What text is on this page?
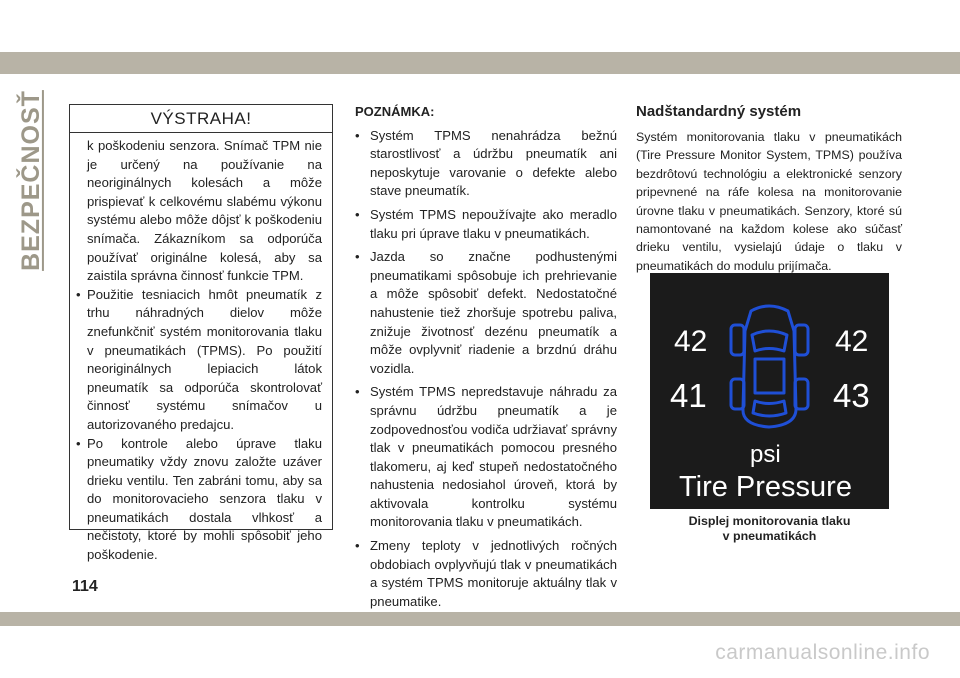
BEZPEČNOSŤ	VÝSTRAHA!

k poškodeniu senzora. Snímač TPM nie je určený na používanie na neoriginálnych kolesách a môže prispievať k celkovému slabému výkonu systému alebo môže dôjsť k poškodeniu snímača. Zákazníkom sa odporúča používať originálne kolesá, aby sa zaistila správna činnosť funkcie TPM.

• Použitie tesniacich hmôt pneumatík z trhu náhradných dielov môže znefunkčniť systém monitorovania tlaku v pneumatikách (TPMS). Po použití neoriginálnych lepiacich látok pneumatík sa odporúča skontrolovať činnosť systému snímačov u autorizovaného predajcu.

• Po kontrole alebo úprave tlaku pneumatiky vždy znovu založte uzáver drieku ventilu. Ten zabráni tomu, aby sa do monitorovacieho senzora tlaku v pneumatikách dostala vlhkosť a nečistoty, ktoré by mohli spôsobiť jeho poškodenie.

POZNÁMKA:

• Systém TPMS nenahrádza bežnú starostlivosť a údržbu pneumatík ani neposkytuje varovanie o defekte alebo stave pneumatík.

• Systém TPMS nepoužívajte ako meradlo tlaku pri úprave tlaku v pneumatikách.

• Jazda so značne podhustenými pneumatikami spôsobuje ich prehrievanie a môže spôsobiť defekt. Nedostatočné nahustenie tiež zhoršuje spotrebu paliva, znižuje životnosť dezénu pneumatík a môže ovplyvniť riadenie a brzdnú dráhu vozidla.

• Systém TPMS nepredstavuje náhradu za správnu údržbu pneumatík a je zodpovednosťou vodiča udržiavať správny tlak v pneumatikách pomocou presného tlakomeru, aj keď stupeň nedostatočného nahustenia nedosiahol úroveň, ktorá by aktivovala kontrolku systému monitorovania tlaku v pneumatikách.

• Zmeny teploty v jednotlivých ročných obdobiach ovplyvňujú tlak v pneumatikách a systém TPMS monitoruje aktuálny tlak v pneumatike.

Nadštandardný systém

Systém monitorovania tlaku v pneumatikách (Tire Pressure Monitor System, TPMS) používa bezdrôtovú technológiu a elektronické senzory pripevnené na ráfe kolesa na monitorovanie úrovne tlaku v pneumatikách. Senzory, ktoré sú namontované na každom kolese ako súčasť drieku ventilu, vysielajú údaje o tlaku v pneumatikách do modulu prijímača.

42	42
41	43
psi
Tire Pressure
Displej monitorovania tlaku
v pneumatikách
114
carmanualsonline.info
